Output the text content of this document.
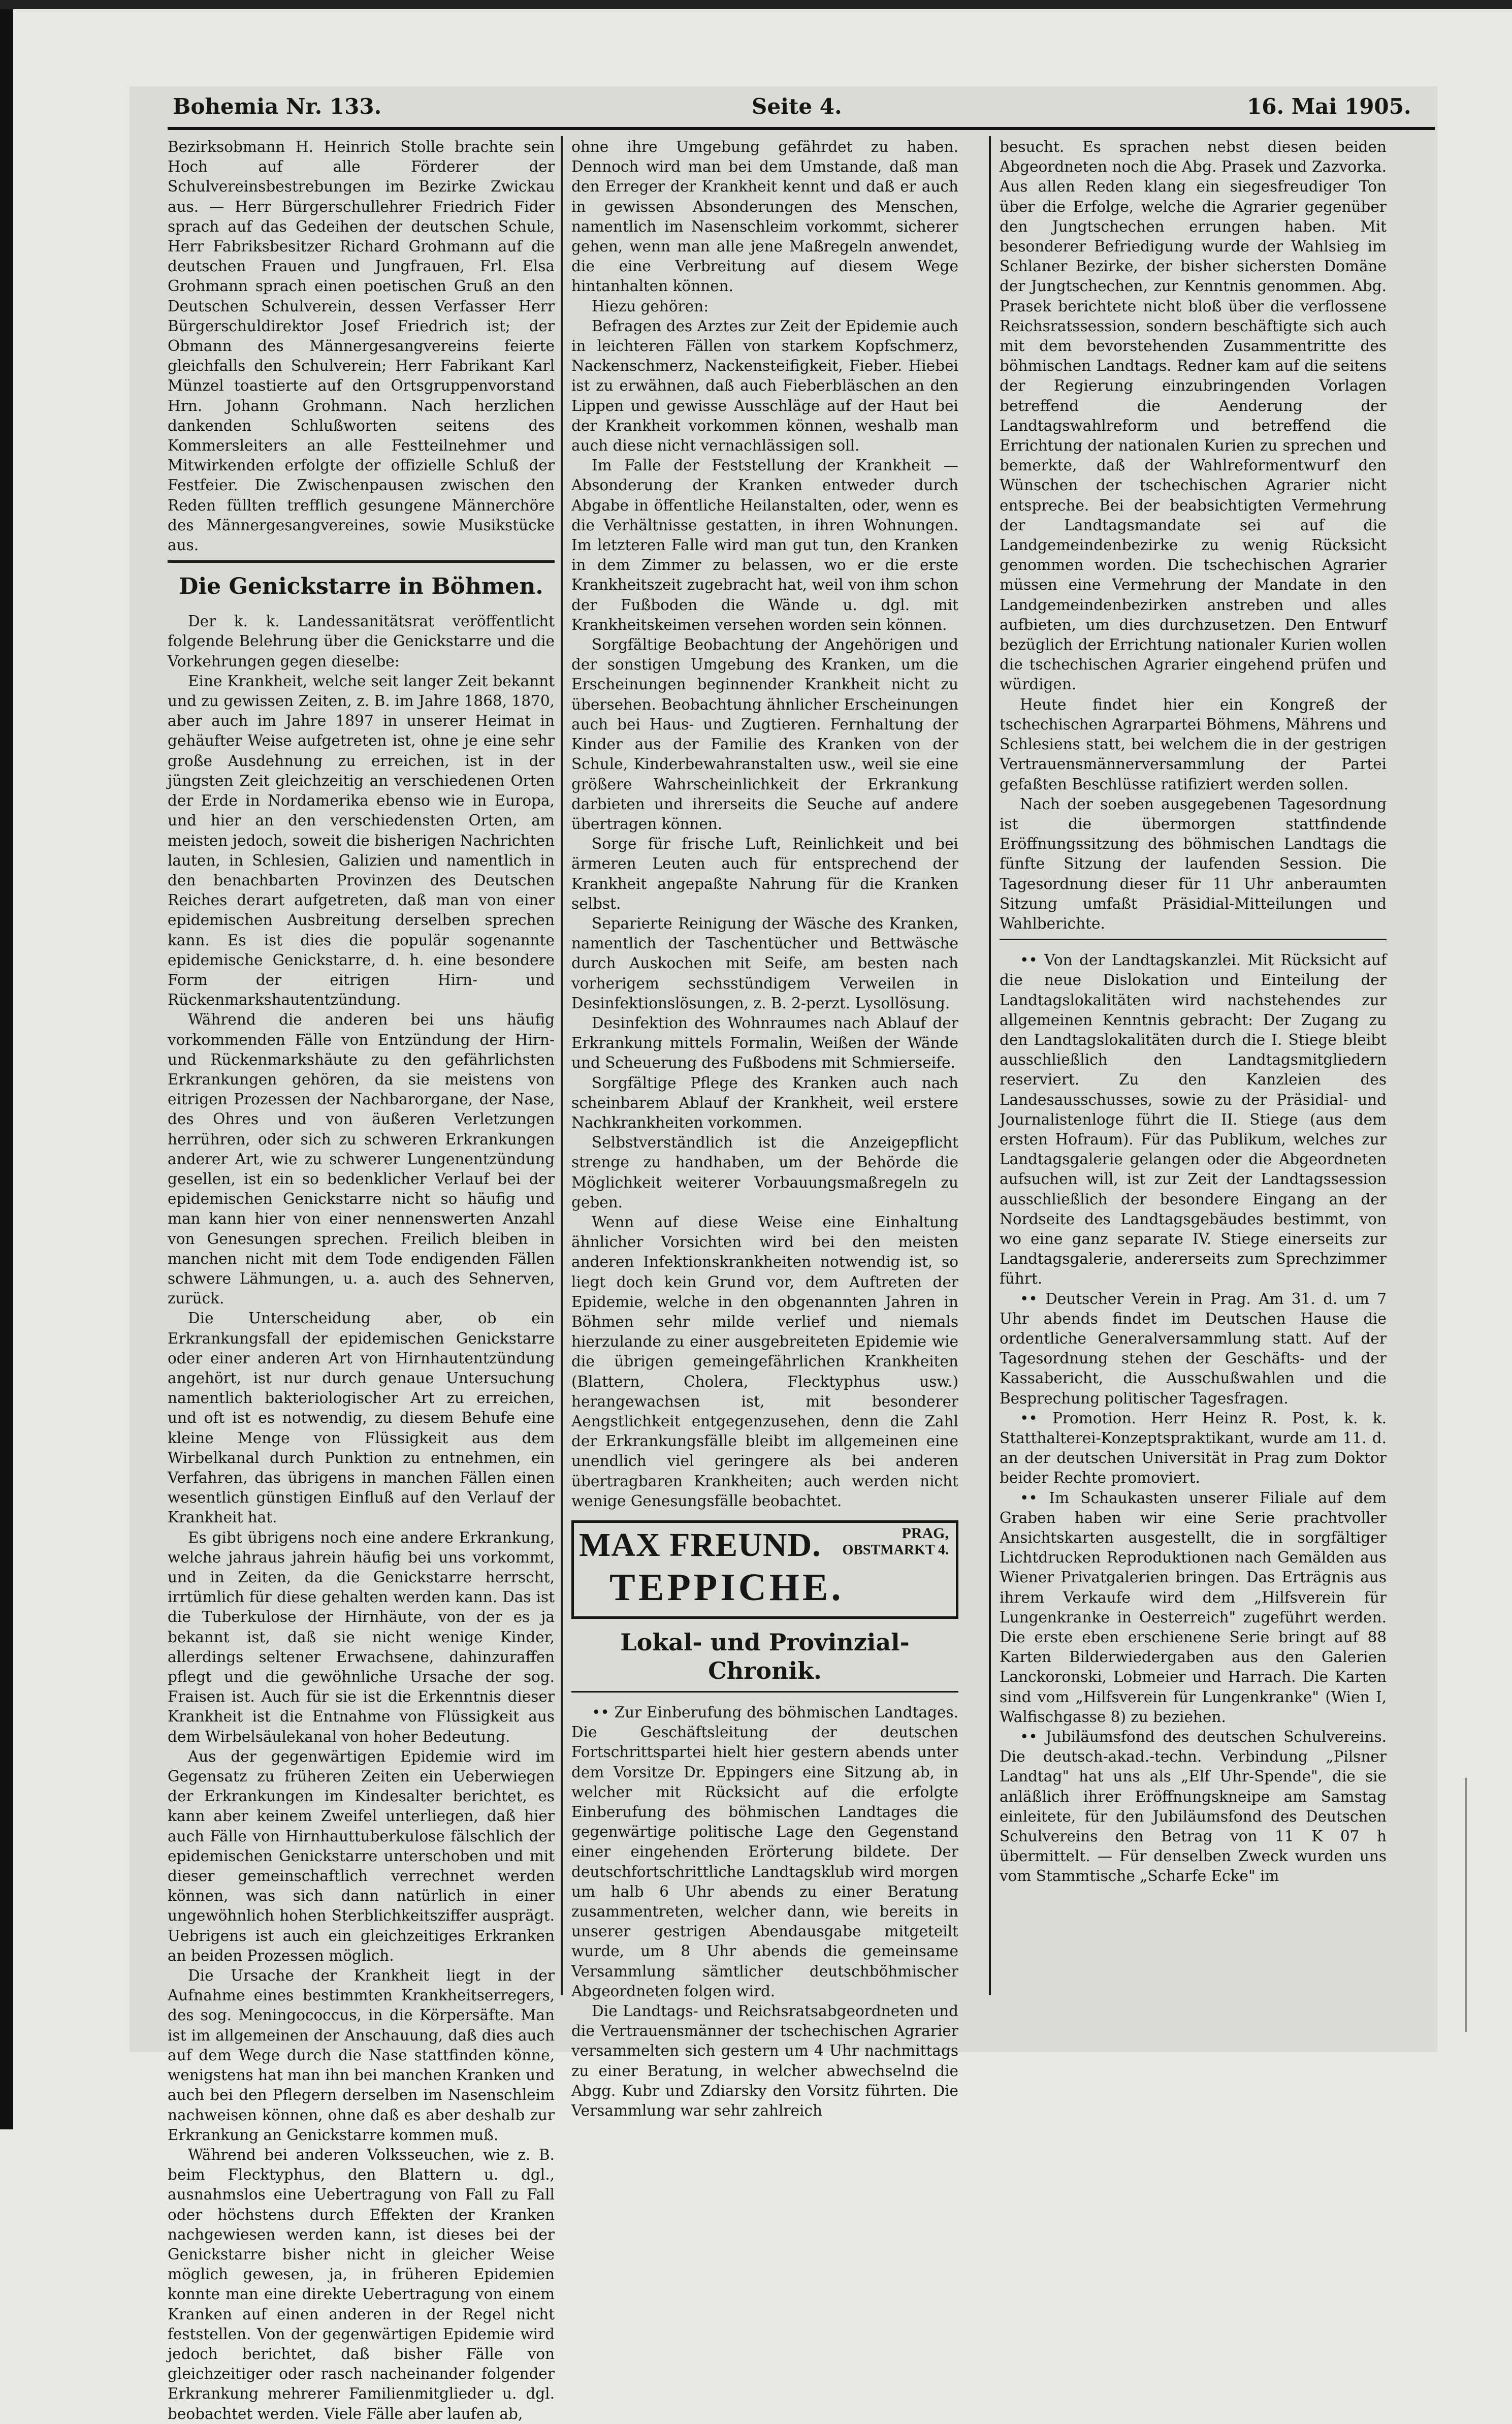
Bohemia Nr. 133.	Seite 4.	16. Mai 1905.

Bezirksobmann H. Heinrich Stolle brachte sein Hoch auf alle Förderer der Schulvereinsbestrebungen im Bezirke Zwickau aus. — Herr Bürgerschullehrer Friedrich Fider sprach auf das Gedeihen der deutschen Schule, Herr Fabriksbesitzer Richard Grohmann auf die deutschen Frauen und Jungfrauen, Frl. Elsa Grohmann sprach einen poetischen Gruß an den Deutschen Schulverein, dessen Verfasser Herr Bürgerschuldirektor Josef Friedrich ist; der Obmann des Männergesangvereins feierte gleichfalls den Schulverein; Herr Fabrikant Karl Münzel toastierte auf den Ortsgruppenvorstand Hrn. Johann Grohmann. Nach herzlichen dankenden Schlußworten seitens des Kommersleiters an alle Festteilnehmer und Mitwirkenden erfolgte der offizielle Schluß der Festfeier. Die Zwischenpausen zwischen den Reden füllten trefflich gesungene Männerchöre des Männergesangvereines, sowie Musikstücke aus.

Die Genickstarre in Böhmen.

Der k. k. Landessanitätsrat veröffentlicht folgende Belehrung über die Genickstarre und die Vorkehrungen gegen dieselbe:

Eine Krankheit, welche seit langer Zeit bekannt und zu gewissen Zeiten, z. B. im Jahre 1868, 1870, aber auch im Jahre 1897 in unserer Heimat in gehäufter Weise aufgetreten ist, ohne je eine sehr große Ausdehnung zu erreichen, ist in der jüngsten Zeit gleichzeitig an verschiedenen Orten der Erde in Nordamerika ebenso wie in Europa, und hier an den verschiedensten Orten, am meisten jedoch, soweit die bisherigen Nachrichten lauten, in Schlesien, Galizien und namentlich in den benachbarten Provinzen des Deutschen Reiches derart aufgetreten, daß man von einer epidemischen Ausbreitung derselben sprechen kann. Es ist dies die populär sogenannte epidemische Genickstarre, d. h. eine besondere Form der eitrigen Hirn- und Rückenmarkshautentzündung.

Während die anderen bei uns häufig vorkommenden Fälle von Entzündung der Hirn- und Rückenmarkshäute zu den gefährlichsten Erkrankungen gehören, da sie meistens von eitrigen Prozessen der Nachbarorgane, der Nase, des Ohres und von äußeren Verletzungen herrühren, oder sich zu schweren Erkrankungen anderer Art, wie zu schwerer Lungenentzündung gesellen, ist ein so bedenklicher Verlauf bei der epidemischen Genickstarre nicht so häufig und man kann hier von einer nennenswerten Anzahl von Genesungen sprechen. Freilich bleiben in manchen nicht mit dem Tode endigenden Fällen schwere Lähmungen, u. a. auch des Sehnerven, zurück.

Die Unterscheidung aber, ob ein Erkrankungsfall der epidemischen Genickstarre oder einer anderen Art von Hirnhautentzündung angehört, ist nur durch genaue Untersuchung namentlich bakteriologischer Art zu erreichen, und oft ist es notwendig, zu diesem Behufe eine kleine Menge von Flüssigkeit aus dem Wirbelkanal durch Punktion zu entnehmen, ein Verfahren, das übrigens in manchen Fällen einen wesentlich günstigen Einfluß auf den Verlauf der Krankheit hat.

Es gibt übrigens noch eine andere Erkrankung, welche jahraus jahrein häufig bei uns vorkommt, und in Zeiten, da die Genickstarre herrscht, irrtümlich für diese gehalten werden kann. Das ist die Tuberkulose der Hirnhäute, von der es ja bekannt ist, daß sie nicht wenige Kinder, allerdings seltener Erwachsene, dahinzuraffen pflegt und die gewöhnliche Ursache der sog. Fraisen ist. Auch für sie ist die Erkenntnis dieser Krankheit ist die Entnahme von Flüssigkeit aus dem Wirbelsäulekanal von hoher Bedeutung.

Aus der gegenwärtigen Epidemie wird im Gegensatz zu früheren Zeiten ein Ueberwiegen der Erkrankungen im Kindesalter berichtet, es kann aber keinem Zweifel unterliegen, daß hier auch Fälle von Hirnhauttuberkulose fälschlich der epidemischen Genickstarre unterschoben und mit dieser gemeinschaftlich verrechnet werden können, was sich dann natürlich in einer ungewöhnlich hohen Sterblichkeitsziffer ausprägt. Uebrigens ist auch ein gleichzeitiges Erkranken an beiden Prozessen möglich.

Die Ursache der Krankheit liegt in der Aufnahme eines bestimmten Krankheitserregers, des sog. Meningococcus, in die Körpersäfte. Man ist im allgemeinen der Anschauung, daß dies auch auf dem Wege durch die Nase stattfinden könne, wenigstens hat man ihn bei manchen Kranken und auch bei den Pflegern derselben im Nasenschleim nachweisen können, ohne daß es aber deshalb zur Erkrankung an Genickstarre kommen muß.

Während bei anderen Volksseuchen, wie z. B. beim Flecktyphus, den Blattern u. dgl., ausnahmslos eine Uebertragung von Fall zu Fall oder höchstens durch Effekten der Kranken nachgewiesen werden kann, ist dieses bei der Genickstarre bisher nicht in gleicher Weise möglich gewesen, ja, in früheren Epidemien konnte man eine direkte Uebertragung von einem Kranken auf einen anderen in der Regel nicht feststellen. Von der gegenwärtigen Epidemie wird jedoch berichtet, daß bisher Fälle von gleichzeitiger oder rasch nacheinander folgender Erkrankung mehrerer Familienmitglieder u. dgl. beobachtet werden. Viele Fälle aber laufen ab,

ohne ihre Umgebung gefährdet zu haben. Dennoch wird man bei dem Umstande, daß man den Erreger der Krankheit kennt und daß er auch in gewissen Absonderungen des Menschen, namentlich im Nasenschleim vorkommt, sicherer gehen, wenn man alle jene Maßregeln anwendet, die eine Verbreitung auf diesem Wege hintanhalten können.

Hiezu gehören:

Befragen des Arztes zur Zeit der Epidemie auch in leichteren Fällen von starkem Kopfschmerz, Nackenschmerz, Nackensteifigkeit, Fieber. Hiebei ist zu erwähnen, daß auch Fieberbläschen an den Lippen und gewisse Ausschläge auf der Haut bei der Krankheit vorkommen können, weshalb man auch diese nicht vernachlässigen soll.

Im Falle der Feststellung der Krankheit — Absonderung der Kranken entweder durch Abgabe in öffentliche Heilanstalten, oder, wenn es die Verhältnisse gestatten, in ihren Wohnungen. Im letzteren Falle wird man gut tun, den Kranken in dem Zimmer zu belassen, wo er die erste Krankheitszeit zugebracht hat, weil von ihm schon der Fußboden die Wände u. dgl. mit Krankheitskeimen versehen worden sein können.

Sorgfältige Beobachtung der Angehörigen und der sonstigen Umgebung des Kranken, um die Erscheinungen beginnender Krankheit nicht zu übersehen. Beobachtung ähnlicher Erscheinungen auch bei Haus- und Zugtieren. Fernhaltung der Kinder aus der Familie des Kranken von der Schule, Kinderbewahranstalten usw., weil sie eine größere Wahrscheinlichkeit der Erkrankung darbieten und ihrerseits die Seuche auf andere übertragen können.

Sorge für frische Luft, Reinlichkeit und bei ärmeren Leuten auch für entsprechend der Krankheit angepaßte Nahrung für die Kranken selbst.

Separierte Reinigung der Wäsche des Kranken, namentlich der Taschentücher und Bettwäsche durch Auskochen mit Seife, am besten nach vorherigem sechsstündigem Verweilen in Desinfektionslösungen, z. B. 2-perzt. Lysollösung.

Desinfektion des Wohnraumes nach Ablauf der Erkrankung mittels Formalin, Weißen der Wände und Scheuerung des Fußbodens mit Schmierseife.

Sorgfältige Pflege des Kranken auch nach scheinbarem Ablauf der Krankheit, weil erstere Nachkrankheiten vorkommen.

Selbstverständlich ist die Anzeigepflicht strenge zu handhaben, um der Behörde die Möglichkeit weiterer Vorbauungsmaßregeln zu geben.

Wenn auf diese Weise eine Einhaltung ähnlicher Vorsichten wird bei den meisten anderen Infektionskrankheiten notwendig ist, so liegt doch kein Grund vor, dem Auftreten der Epidemie, welche in den obgenannten Jahren in Böhmen sehr milde verlief und niemals hierzulande zu einer ausgebreiteten Epidemie wie die übrigen gemeingefährlichen Krankheiten (Blattern, Cholera, Flecktyphus usw.) herangewachsen ist, mit besonderer Aengstlichkeit entgegenzusehen, denn die Zahl der Erkrankungsfälle bleibt im allgemeinen eine unendlich viel geringere als bei anderen übertragbaren Krankheiten; auch werden nicht wenige Genesungsfälle beobachtet.

MAX FREUND.	PRAG,
OBSTMARKT 4.
TEPPICHE.
Lokal- und Provinzial-Chronik.

•• Zur Einberufung des böhmischen Landtages. Die Geschäftsleitung der deutschen Fortschrittspartei hielt hier gestern abends unter dem Vorsitze Dr. Eppingers eine Sitzung ab, in welcher mit Rücksicht auf die erfolgte Einberufung des böhmischen Landtages die gegenwärtige politische Lage den Gegenstand einer eingehenden Erörterung bildete. Der deutschfortschrittliche Landtagsklub wird morgen um halb 6 Uhr abends zu einer Beratung zusammentreten, welcher dann, wie bereits in unserer gestrigen Abendausgabe mitgeteilt wurde, um 8 Uhr abends die gemeinsame Versammlung sämtlicher deutschböhmischer Abgeordneten folgen wird.

Die Landtags- und Reichsratsabgeordneten und die Vertrauensmänner der tschechischen Agrarier versammelten sich gestern um 4 Uhr nachmittags zu einer Beratung, in welcher abwechselnd die Abgg. Kubr und Zdiarsky den Vorsitz führten. Die Versammlung war sehr zahlreich

besucht. Es sprachen nebst diesen beiden Abgeordneten noch die Abg. Prasek und Zazvorka. Aus allen Reden klang ein siegesfreudiger Ton über die Erfolge, welche die Agrarier gegenüber den Jungtschechen errungen haben. Mit besonderer Befriedigung wurde der Wahlsieg im Schlaner Bezirke, der bisher sichersten Domäne der Jungtschechen, zur Kenntnis genommen. Abg. Prasek berichtete nicht bloß über die verflossene Reichsratssession, sondern beschäftigte sich auch mit dem bevorstehenden Zusammentritte des böhmischen Landtags. Redner kam auf die seitens der Regierung einzubringenden Vorlagen betreffend die Aenderung der Landtagswahlreform und betreffend die Errichtung der nationalen Kurien zu sprechen und bemerkte, daß der Wahlreformentwurf den Wünschen der tschechischen Agrarier nicht entspreche. Bei der beabsichtigten Vermehrung der Landtagsmandate sei auf die Landgemeindenbezirke zu wenig Rücksicht genommen worden. Die tschechischen Agrarier müssen eine Vermehrung der Mandate in den Landgemeindenbezirken anstreben und alles aufbieten, um dies durchzusetzen. Den Entwurf bezüglich der Errichtung nationaler Kurien wollen die tschechischen Agrarier eingehend prüfen und würdigen.

Heute findet hier ein Kongreß der tschechischen Agrarpartei Böhmens, Mährens und Schlesiens statt, bei welchem die in der gestrigen Vertrauensmännerversammlung der Partei gefaßten Beschlüsse ratifiziert werden sollen.

Nach der soeben ausgegebenen Tagesordnung ist die übermorgen stattfindende Eröffnungssitzung des böhmischen Landtags die fünfte Sitzung der laufenden Session. Die Tagesordnung dieser für 11 Uhr anberaumten Sitzung umfaßt Präsidial-Mitteilungen und Wahlberichte.

•• Von der Landtagskanzlei. Mit Rücksicht auf die neue Dislokation und Einteilung der Landtagslokalitäten wird nachstehendes zur allgemeinen Kenntnis gebracht: Der Zugang zu den Landtagslokalitäten durch die I. Stiege bleibt ausschließlich den Landtagsmitgliedern reserviert. Zu den Kanzleien des Landesausschusses, sowie zu der Präsidial- und Journalistenloge führt die II. Stiege (aus dem ersten Hofraum). Für das Publikum, welches zur Landtagsgalerie gelangen oder die Abgeordneten aufsuchen will, ist zur Zeit der Landtagssession ausschließlich der besondere Eingang an der Nordseite des Landtagsgebäudes bestimmt, von wo eine ganz separate IV. Stiege einerseits zur Landtagsgalerie, andererseits zum Sprechzimmer führt.

•• Deutscher Verein in Prag. Am 31. d. um 7 Uhr abends findet im Deutschen Hause die ordentliche Generalversammlung statt. Auf der Tagesordnung stehen der Geschäfts- und der Kassabericht, die Ausschußwahlen und die Besprechung politischer Tagesfragen.

•• Promotion. Herr Heinz R. Post, k. k. Statthalterei-Konzeptspraktikant, wurde am 11. d. an der deutschen Universität in Prag zum Doktor beider Rechte promoviert.

•• Im Schaukasten unserer Filiale auf dem Graben haben wir eine Serie prachtvoller Ansichtskarten ausgestellt, die in sorgfältiger Lichtdrucken Reproduktionen nach Gemälden aus Wiener Privatgalerien bringen. Das Erträgnis aus ihrem Verkaufe wird dem „Hilfsverein für Lungenkranke in Oesterreich" zugeführt werden. Die erste eben erschienene Serie bringt auf 88 Karten Bilderwiedergaben aus den Galerien Lanckoronski, Lobmeier und Harrach. Die Karten sind vom „Hilfsverein für Lungenkranke" (Wien I, Walfischgasse 8) zu beziehen.

•• Jubiläumsfond des deutschen Schulvereins. Die deutsch-akad.-techn. Verbindung „Pilsner Landtag" hat uns als „Elf Uhr-Spende", die sie anläßlich ihrer Eröffnungskneipe am Samstag einleitete, für den Jubiläumsfond des Deutschen Schulvereins den Betrag von 11 K 07 h übermittelt. — Für denselben Zweck wurden uns vom Stammtische „Scharfe Ecke" im
